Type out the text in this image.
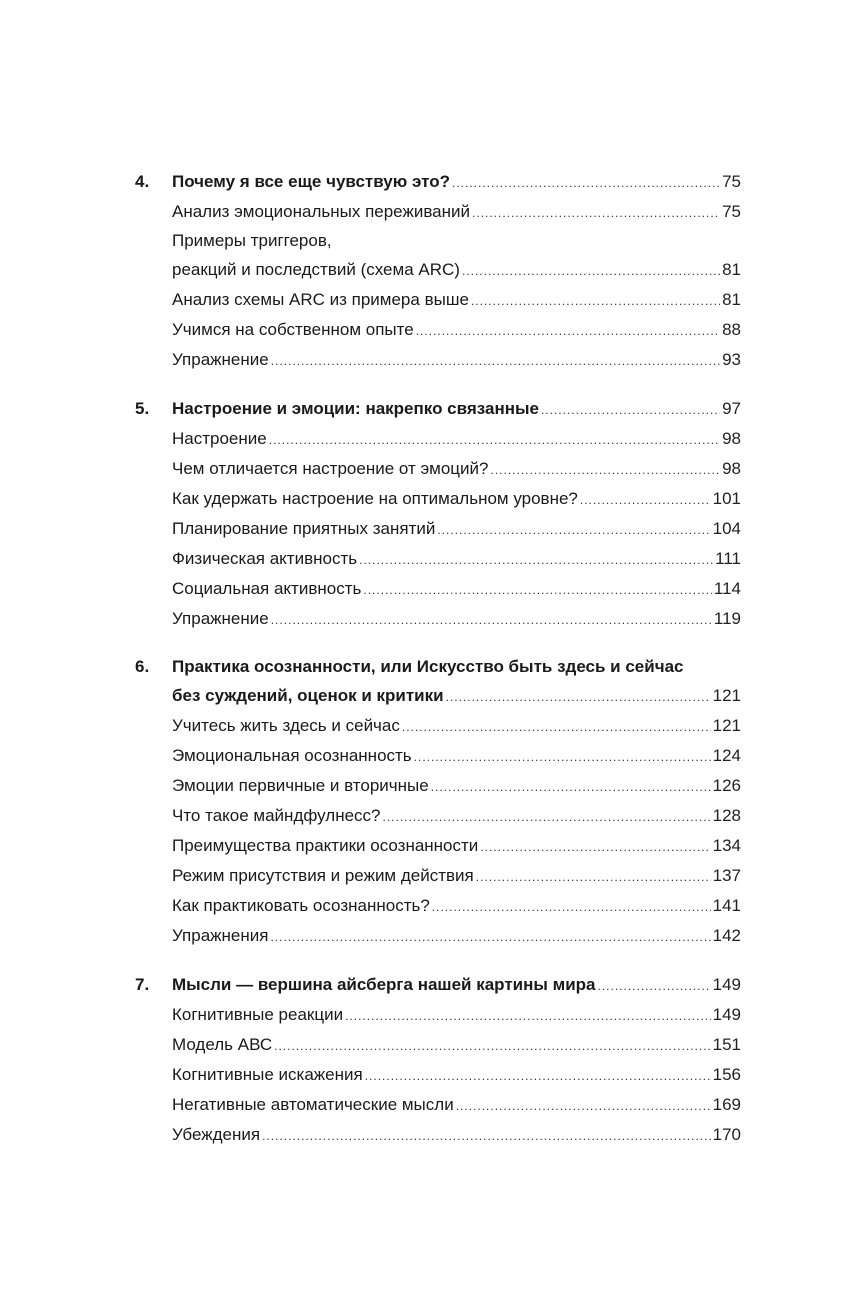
4.	Почему я все еще чувствую это? .....	75
Анализ эмоциональных переживаний .....	75
Примеры триггеров,
реакций и последствий (схема ARC) .....	81
Анализ схемы ARC из примера выше .....	81
Учимся на собственном опыте .....	88
Упражнение .....	93
5.	Настроение и эмоции: накрепко связанные .....	97
Настроение .....	98
Чем отличается настроение от эмоций? .....	98
Как удержать настроение на оптимальном уровне? .....	101
Планирование приятных занятий .....	104
Физическая активность .....	111
Социальная активность .....	114
Упражнение .....	119
6.	Практика осознанности, или Искусство быть здесь и сейчас
без суждений, оценок и критики .....	121
Учитесь жить здесь и сейчас .....	121
Эмоциональная осознанность .....	124
Эмоции первичные и вторичные .....	126
Что такое майндфулнесс? .....	128
Преимущества практики осознанности .....	134
Режим присутствия и режим действия .....	137
Как практиковать осознанность? .....	141
Упражнения .....	142
7.	Мысли — вершина айсберга нашей картины мира .....	149
Когнитивные реакции .....	149
Модель АВС .....	151
Когнитивные искажения .....	156
Негативные автоматические мысли .....	169
Убеждения .....	170
